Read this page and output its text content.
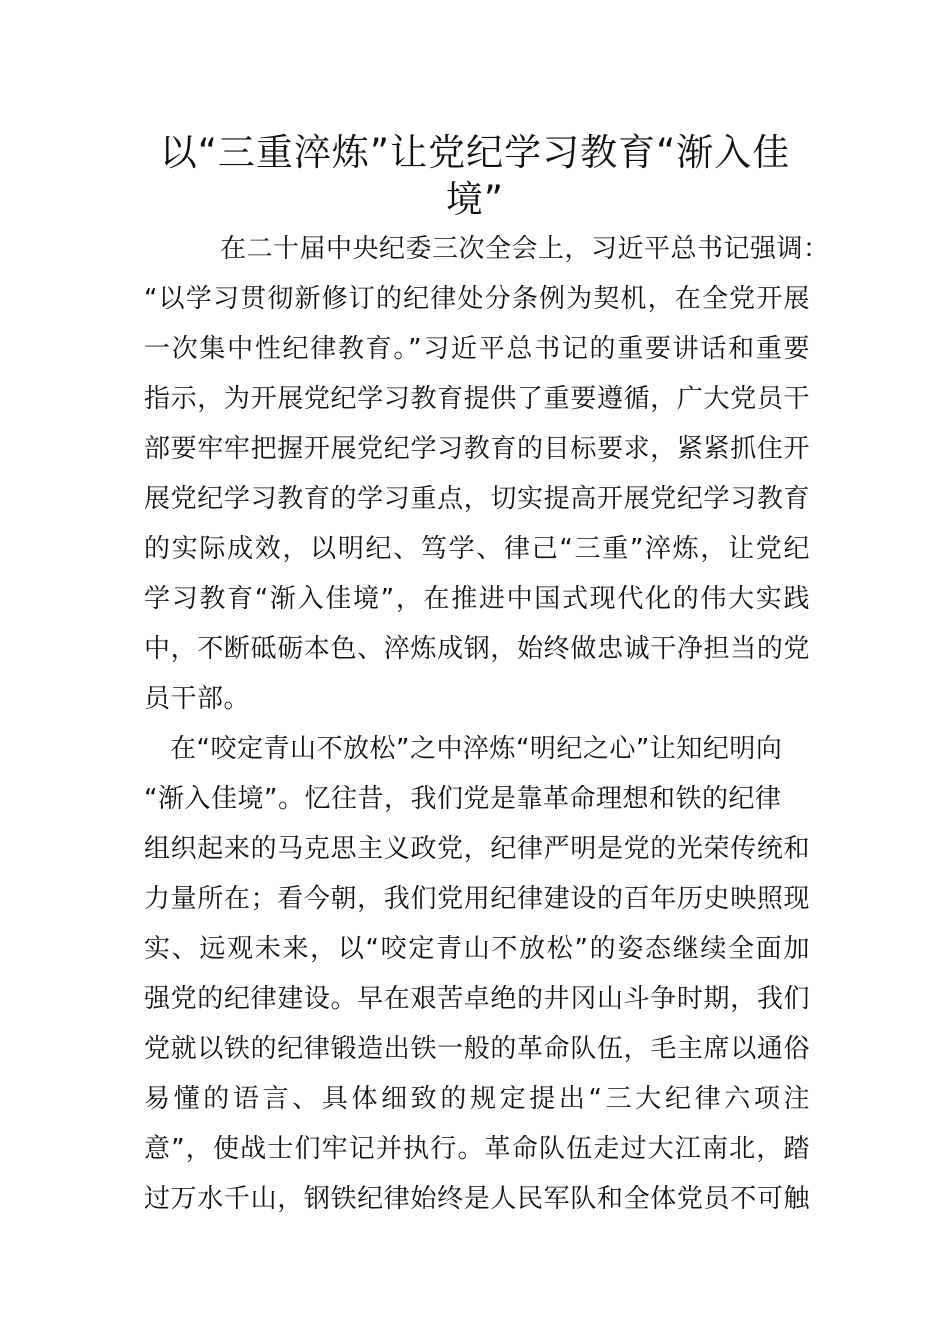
以“三重淬炼”让党纪学习教育“渐入佳
境”

在二十届中央纪委三次全会上，习近平总书记强调：

“以学习贯彻新修订的纪律处分条例为契机，在全党开展

一次集中性纪律教育。”习近平总书记的重要讲话和重要

指示，为开展党纪学习教育提供了重要遵循，广大党员干

部要牢牢把握开展党纪学习教育的目标要求，紧紧抓住开

展党纪学习教育的学习重点，切实提高开展党纪学习教育

的实际成效，以明纪、笃学、律己“三重”淬炼，让党纪

学习教育“渐入佳境”，在推进中国式现代化的伟大实践

中，不断砥砺本色、淬炼成钢，始终做忠诚干净担当的党

员干部。

在“咬定青山不放松”之中淬炼“明纪之心”让知纪明向

“渐入佳境”。忆往昔，我们党是靠革命理想和铁的纪律

组织起来的马克思主义政党，纪律严明是党的光荣传统和

力量所在；看今朝，我们党用纪律建设的百年历史映照现

实、远观未来，以“咬定青山不放松”的姿态继续全面加

强党的纪律建设。早在艰苦卓绝的井冈山斗争时期，我们

党就以铁的纪律锻造出铁一般的革命队伍，毛主席以通俗

易懂的语言、具体细致的规定提出“三大纪律六项注

意”，使战士们牢记并执行。革命队伍走过大江南北，踏

过万水千山，钢铁纪律始终是人民军队和全体党员不可触
